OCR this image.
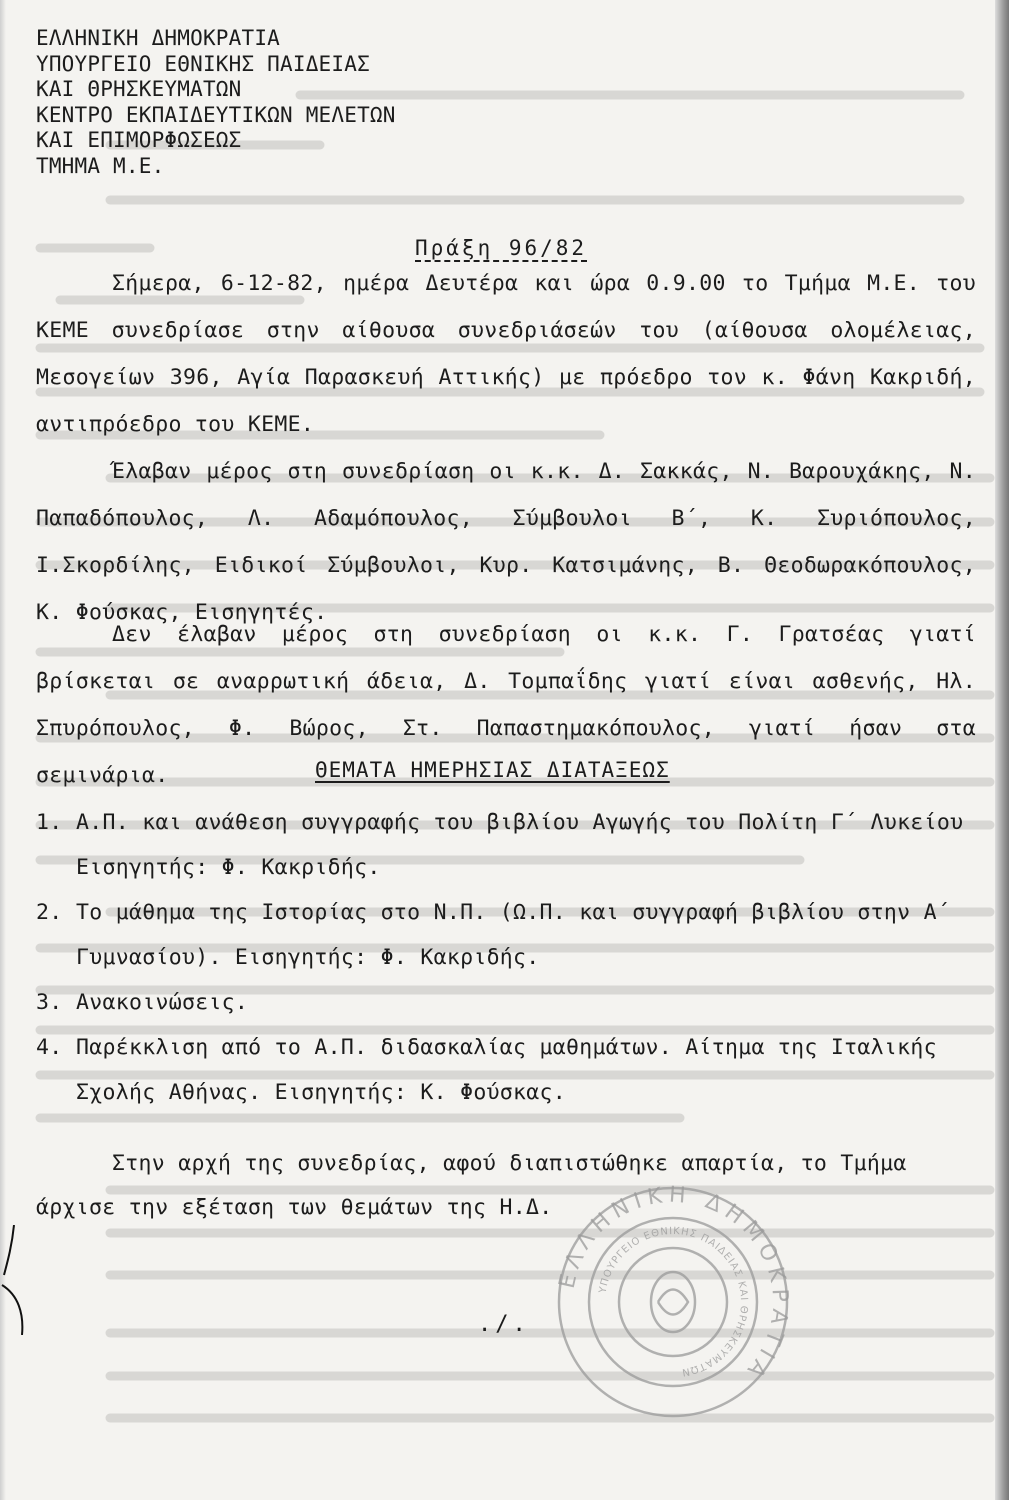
ΕΛΛΗΝΙΚΗ ΔΗΜΟΚΡΑΤΙΑ
ΥΠΟΥΡΓΕΙΟ ΕΘΝΙΚΗΣ ΠΑΙΔΕΙΑΣ
ΚΑΙ ΘΡΗΣΚΕΥΜΑΤΩΝ
ΚΕΝΤΡΟ ΕΚΠΑΙΔΕΥΤΙΚΩΝ ΜΕΛΕΤΩΝ
ΚΑΙ ΕΠΙΜΟΡΦΩΣΕΩΣ
ΤΜΗΜΑ Μ.Ε.
Πράξη 96/82
Σήμερα, 6-12-82, ημέρα Δευτέρα και ώρα 0.9.00 το Τμήμα Μ.Ε. του ΚΕΜΕ συνεδρίασε στην αίθουσα συνεδριάσεών του (αίθουσα ολομέλειας, Μεσογείων 396, Αγία Παρασκευή Αττικής) με πρόεδρο τον κ. Φάνη Κακριδή, αντιπρόεδρο του ΚΕΜΕ.
Έλαβαν μέρος στη συνεδρίαση οι κ.κ. Δ. Σακκάς, Ν. Βαρουχάκης, Ν. Παπαδόπουλος, Λ. Αδαμόπουλος, Σύμβουλοι Β΄, Κ. Συριόπουλος, Ι.Σκορδίλης, Ειδικοί Σύμβουλοι, Κυρ. Κατσιμάνης, Β. Θεοδωρακόπουλος, Κ. Φούσκας, Εισηγητές.
Δεν έλαβαν μέρος στη συνεδρίαση οι κ.κ. Γ. Γρατσέας γιατί βρίσκεται σε αναρρωτική άδεια, Δ. Τομπαΐδης γιατί είναι ασθενής, Ηλ. Σπυρόπουλος, Φ. Βώρος, Στ. Παπαστημακόπουλος, γιατί ήσαν στα σεμινάρια.	ΘΕΜΑΤΑ ΗΜΕΡΗΣΙΑΣ ΔΙΑΤΑΞΕΩΣ
1. Α.Π. και ανάθεση συγγραφής του βιβλίου Αγωγής του Πολίτη Γ΄ Λυκείου Εισηγητής: Φ. Κακριδής.
2. Το μάθημα της Ιστορίας στο Ν.Π. (Ω.Π. και συγγραφή βιβλίου στην Α΄ Γυμνασίου). Εισηγητής: Φ. Κακριδής.
3. Ανακοινώσεις.
4. Παρέκκλιση από το Α.Π. διδασκαλίας μαθημάτων. Αίτημα της Ιταλικής Σχολής Αθήνας. Εισηγητής: Κ. Φούσκας.
Στην αρχή της συνεδρίας, αφού διαπιστώθηκε απαρτία, το Τμήμα άρχισε την εξέταση των θεμάτων της Η.Δ.
./.
ΕΛΛΗΝΙΚΗ ΔΗΜΟΚΡΑΤΙΑ
ΥΠΟΥΡΓΕΙΟ ΕΘΝΙΚΗΣ ΠΑΙΔΕΙΑΣ ΚΑΙ ΘΡΗΣΚΕΥΜΑΤΩΝ
